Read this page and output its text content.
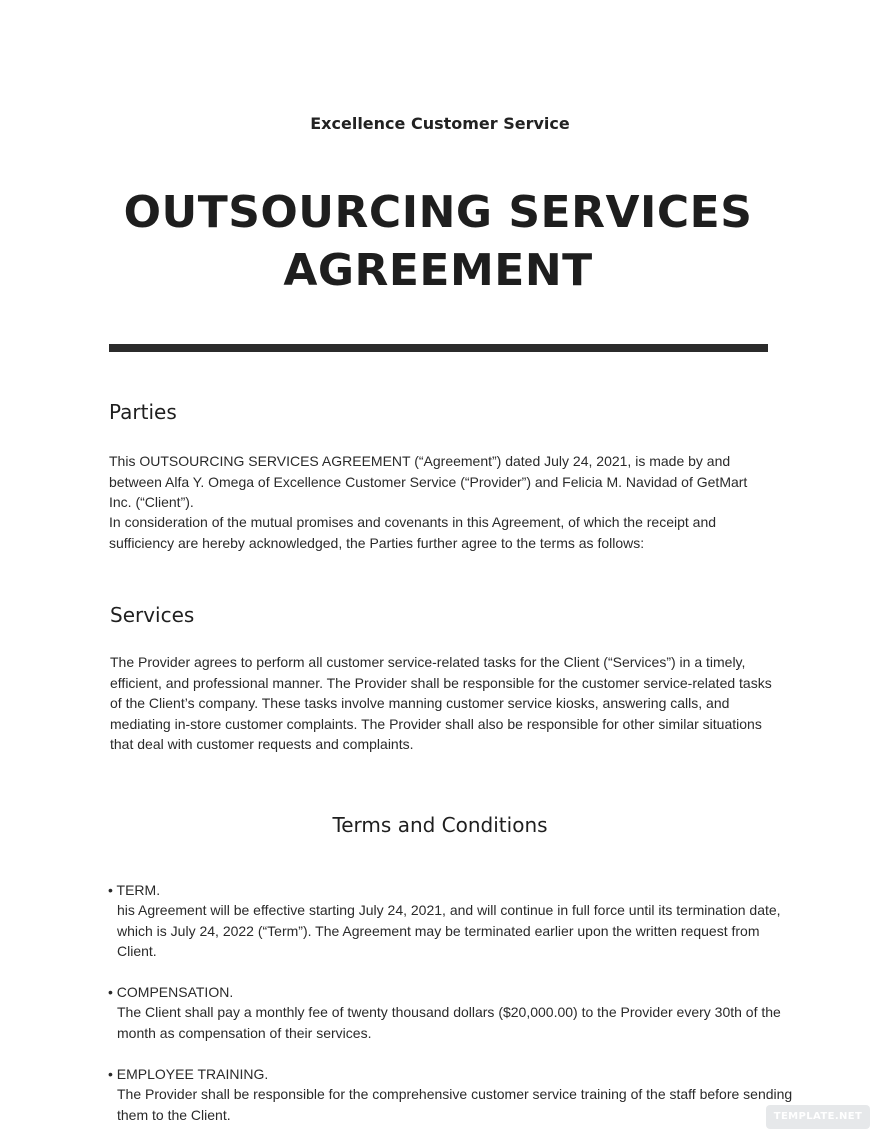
Excellence Customer Service
OUTSOURCING SERVICES
AGREEMENT
Parties
This OUTSOURCING SERVICES AGREEMENT (“Agreement”) dated July 24, 2021, is made by and between Alfa Y. Omega of Excellence Customer Service (“Provider”) and Felicia M. Navidad of GetMart Inc. (“Client”).
In consideration of the mutual promises and covenants in this Agreement, of which the receipt and sufficiency are hereby acknowledged, the Parties further agree to the terms as follows:
Services
The Provider agrees to perform all customer service-related tasks for the Client (“Services”) in a timely, efficient, and professional manner. The Provider shall be responsible for the customer service-related tasks of the Client’s company. These tasks involve manning customer service kiosks, answering calls, and mediating in-store customer complaints. The Provider shall also be responsible for other similar situations that deal with customer requests and complaints.
Terms and Conditions
• TERM.
his Agreement will be effective starting July 24, 2021, and will continue in full force until its termination date, which is July 24, 2022 (“Term”). The Agreement may be terminated earlier upon the written request from Client.
• COMPENSATION.
The Client shall pay a monthly fee of twenty thousand dollars ($20,000.00) to the Provider every 30th of the month as compensation of their services.
• EMPLOYEE TRAINING.
The Provider shall be responsible for the comprehensive customer service training of the staff before sending them to the Client.	TEMPLATE.NET
